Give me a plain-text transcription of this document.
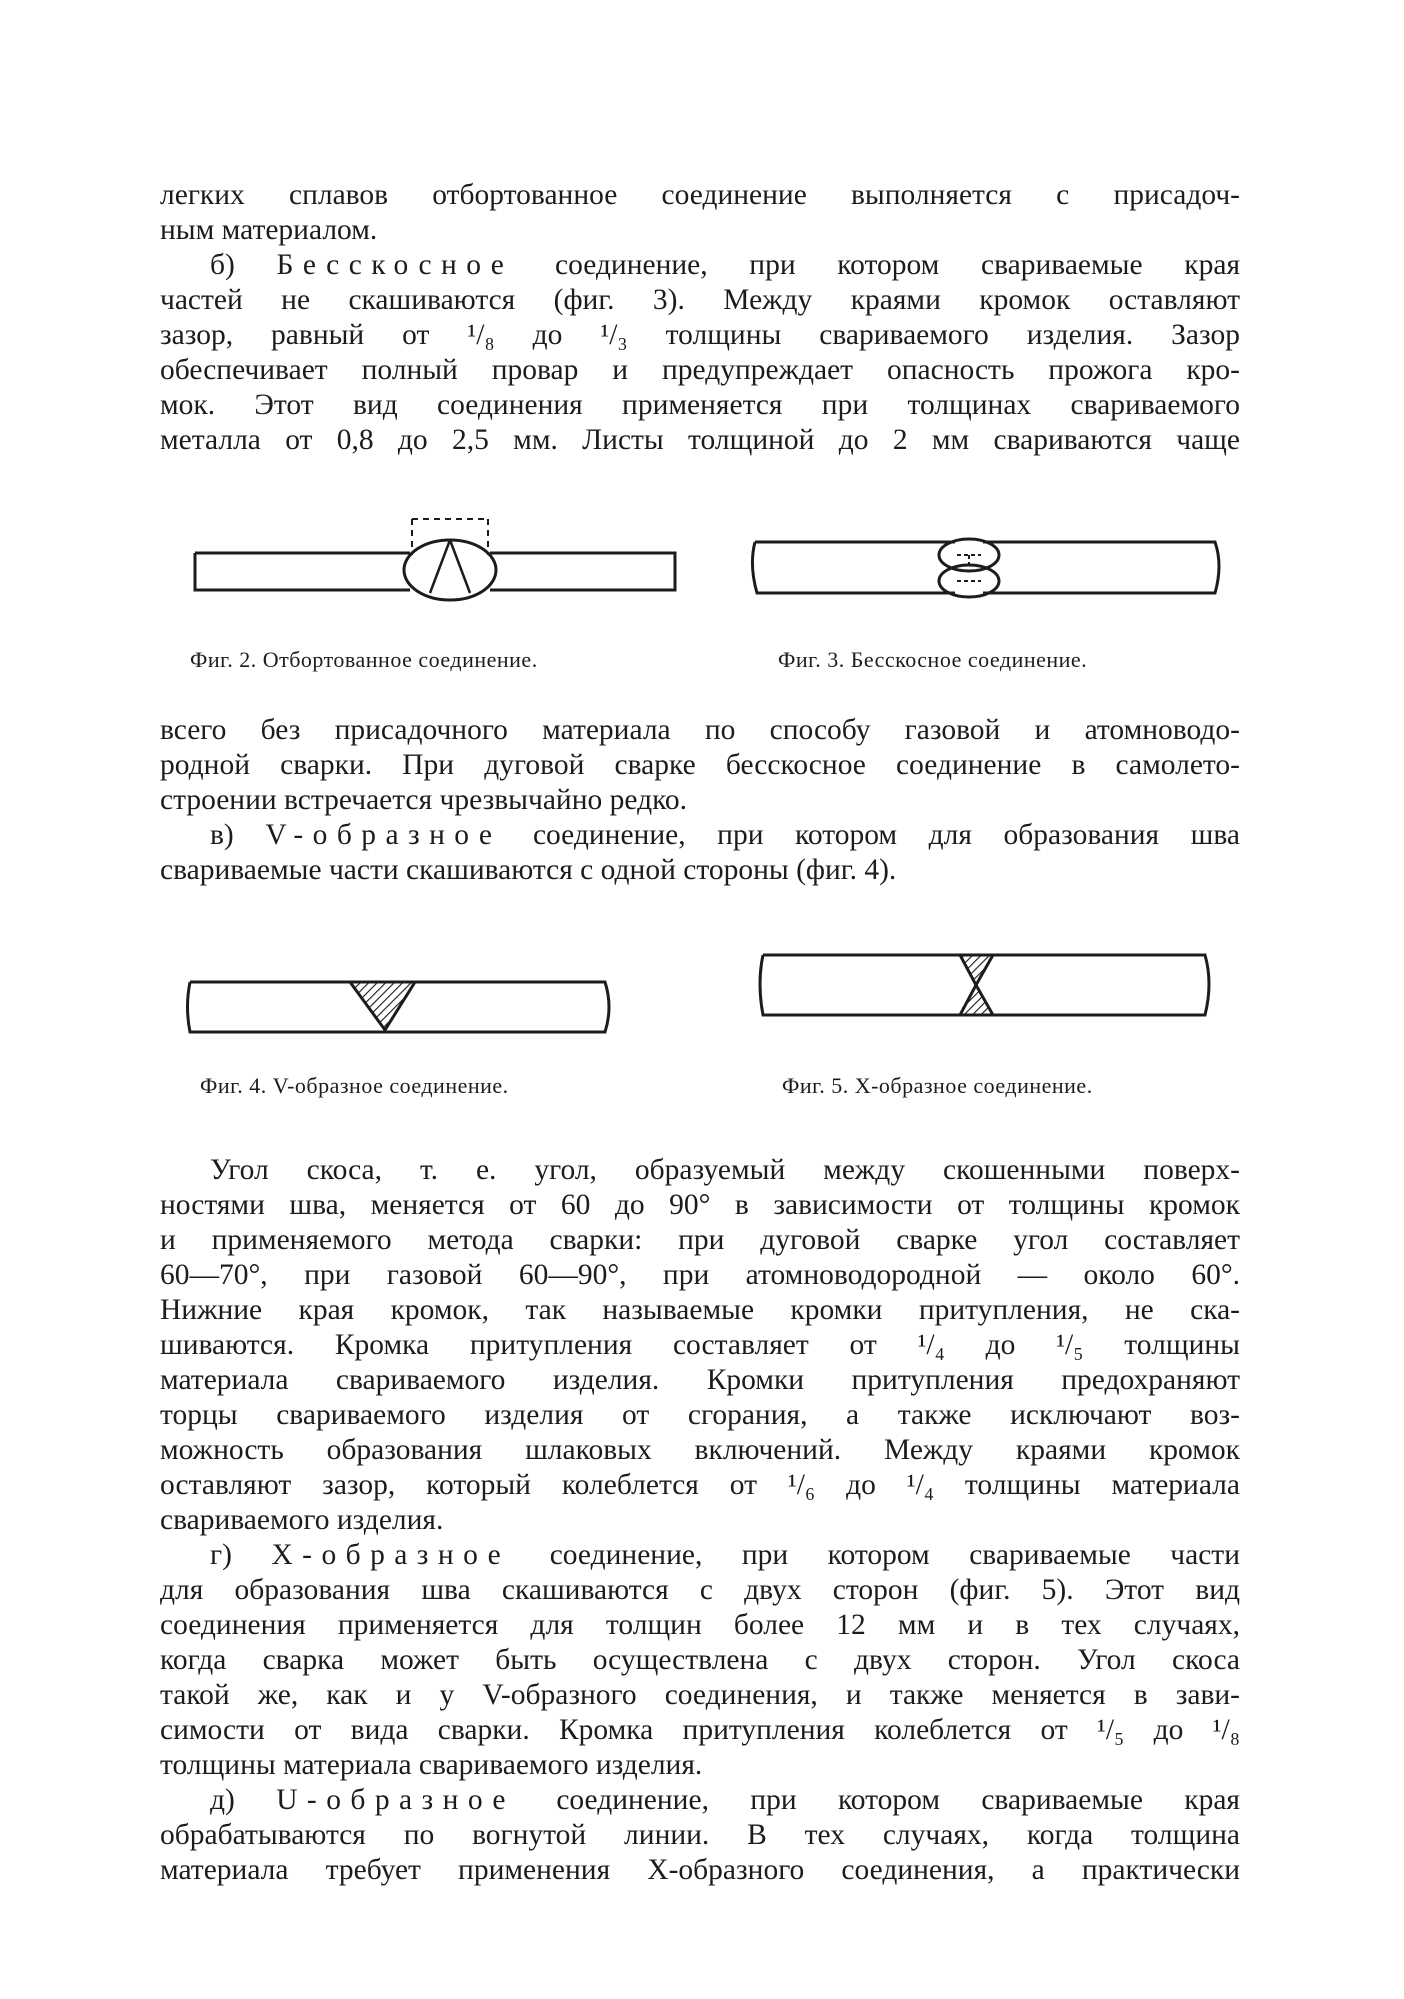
легких сплавов отбортованное соединение выполняется с присадоч-

ным материалом.

б) Бесскосное соединение, при котором свариваемые края

частей не скашиваются (фиг. 3). Между краями кромок оставляют

зазор, равный от ¹/₈ до ¹/₃ толщины свариваемого изделия. Зазор

обеспечивает полный провар и предупреждает опасность прожога кро-

мок. Этот вид соединения применяется при толщинах свариваемого

металла от 0,8 до 2,5 мм. Листы толщиной до 2 мм свариваются чаще

Фиг. 2. Отбортованное соединение.	Фиг. 3. Бесскосное соединение.

всего без присадочного материала по способу газовой и атомноводо-

родной сварки. При дуговой сварке бесскосное соединение в самолето-

строении встречается чрезвычайно редко.

в) V-образное соединение, при котором для образования шва

свариваемые части скашиваются с одной стороны (фиг. 4).

Фиг. 4. V-образное соединение.	Фиг. 5. X-образное соединение.

Угол скоса, т. е. угол, образуемый между скошенными поверх-

ностями шва, меняется от 60 до 90° в зависимости от толщины кромок

и применяемого метода сварки: при дуговой сварке угол составляет

60—70°, при газовой 60—90°, при атомноводородной — около 60°.

Нижние края кромок, так называемые кромки притупления, не ска-

шиваются. Кромка притупления составляет от ¹/₄ до ¹/₅ толщины

материала свариваемого изделия. Кромки притупления предохраняют

торцы свариваемого изделия от сгорания, а также исключают воз-

можность образования шлаковых включений. Между краями кромок

оставляют зазор, который колеблется от ¹/₆ до ¹/₄ толщины материала

свариваемого изделия.

г) X-образное соединение, при котором свариваемые части

для образования шва скашиваются с двух сторон (фиг. 5). Этот вид

соединения применяется для толщин более 12 мм и в тех случаях,

когда сварка может быть осуществлена с двух сторон. Угол скоса

такой же, как и у V-образного соединения, и также меняется в зави-

симости от вида сварки. Кромка притупления колеблется от ¹/₅ до ¹/₈

толщины материала свариваемого изделия.

д) U-образное соединение, при котором свариваемые края

обрабатываются по вогнутой линии. В тех случаях, когда толщина

материала требует применения X-образного соединения, а практически
